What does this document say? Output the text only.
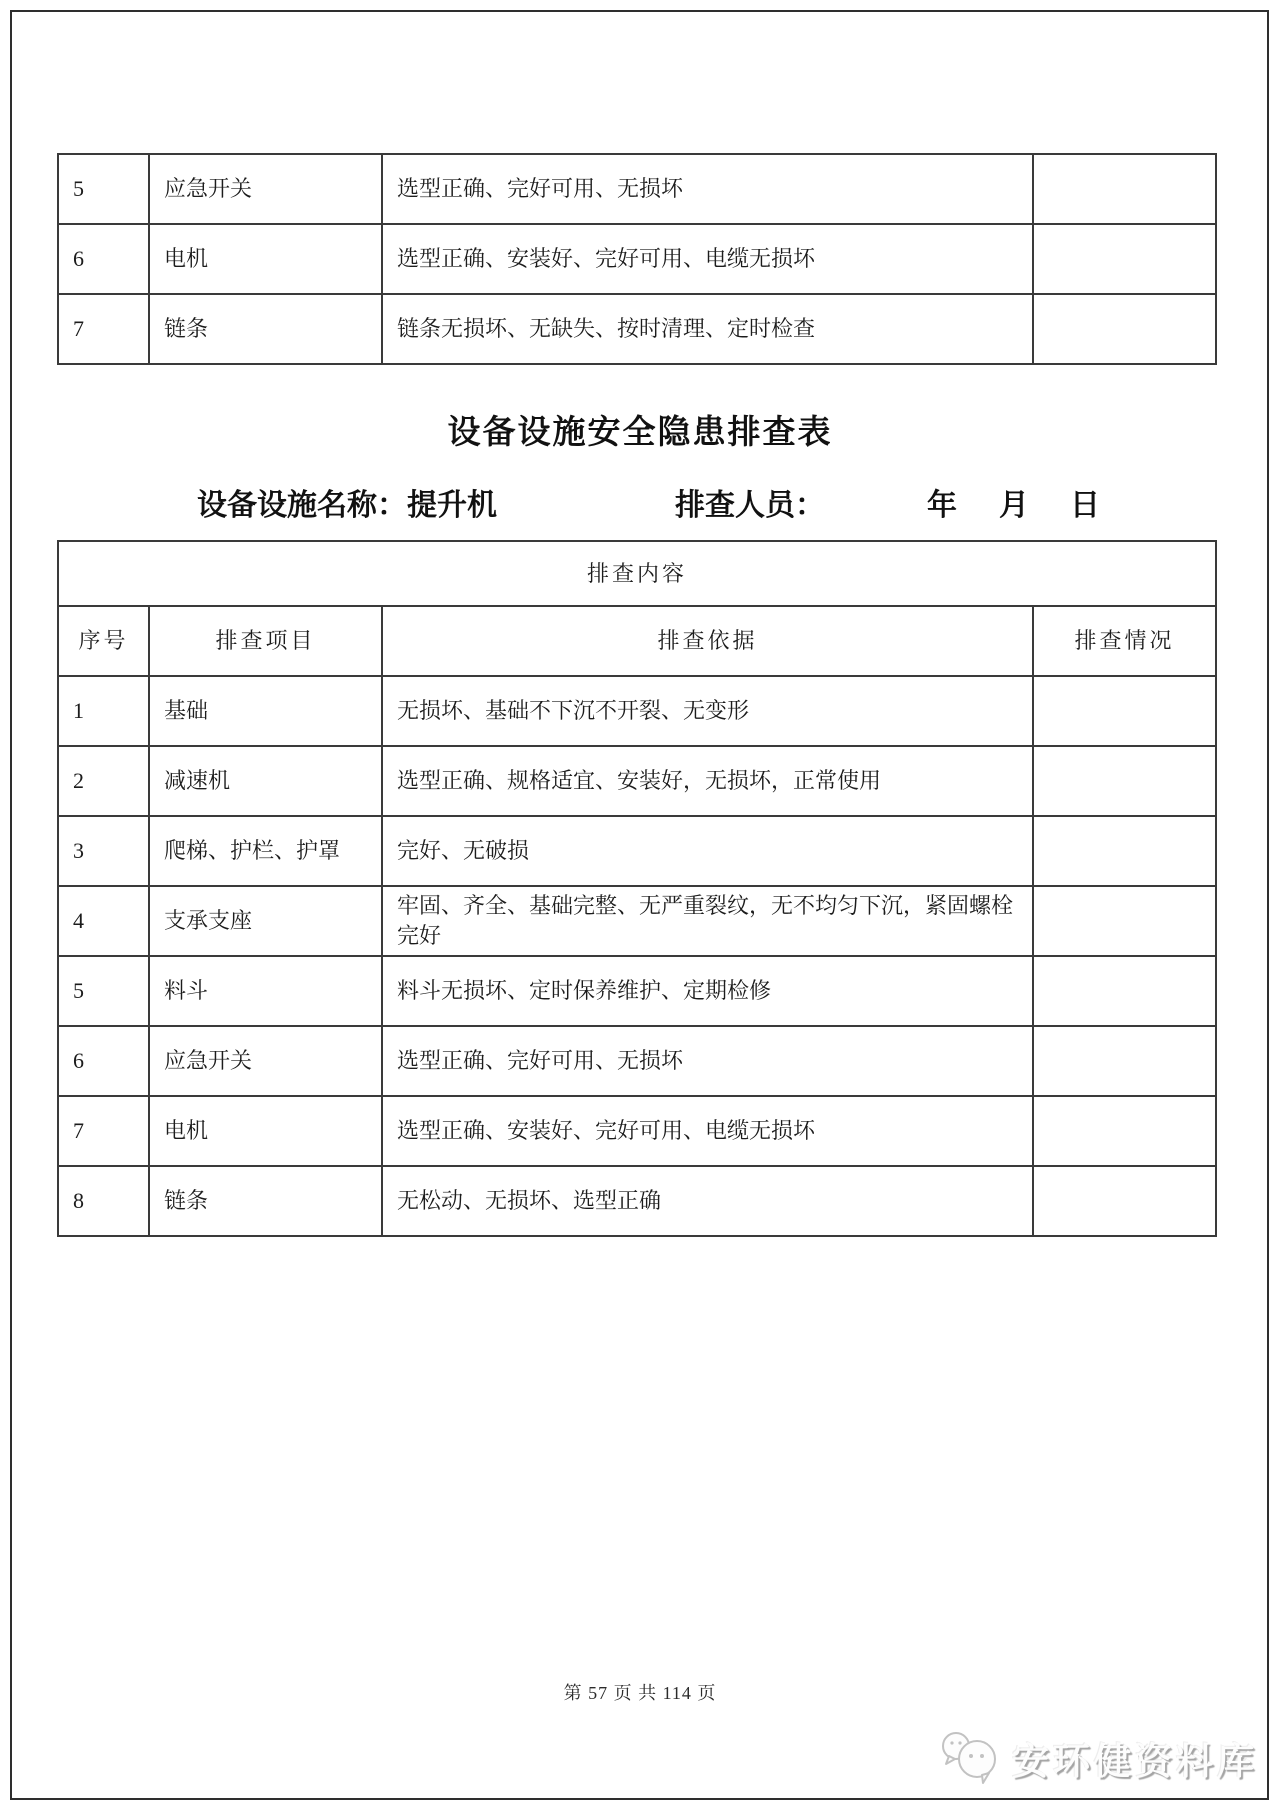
5	应急开关	选型正确、完好可用、无损坏	
6	电机	选型正确、安装好、完好可用、电缆无损坏	
7	链条	链条无损坏、无缺失、按时清理、定时检查	
设备设施安全隐患排查表
设备设施名称：提升机	排查人员：	年 月 日
排查内容			
序号	排查项目	排查依据	排查情况
1	基础	无损坏、基础不下沉不开裂、无变形	
2	减速机	选型正确、规格适宜、安装好，无损坏，正常使用	
3	爬梯、护栏、护罩	完好、无破损	
4	支承支座	牢固、齐全、基础完整、无严重裂纹，无不均匀下沉，紧固螺栓完好	
5	料斗	料斗无损坏、定时保养维护、定期检修	
6	应急开关	选型正确、完好可用、无损坏	
7	电机	选型正确、安装好、完好可用、电缆无损坏	
8	链条	无松动、无损坏、选型正确	
第 57 页 共 114 页
安环健资料库
